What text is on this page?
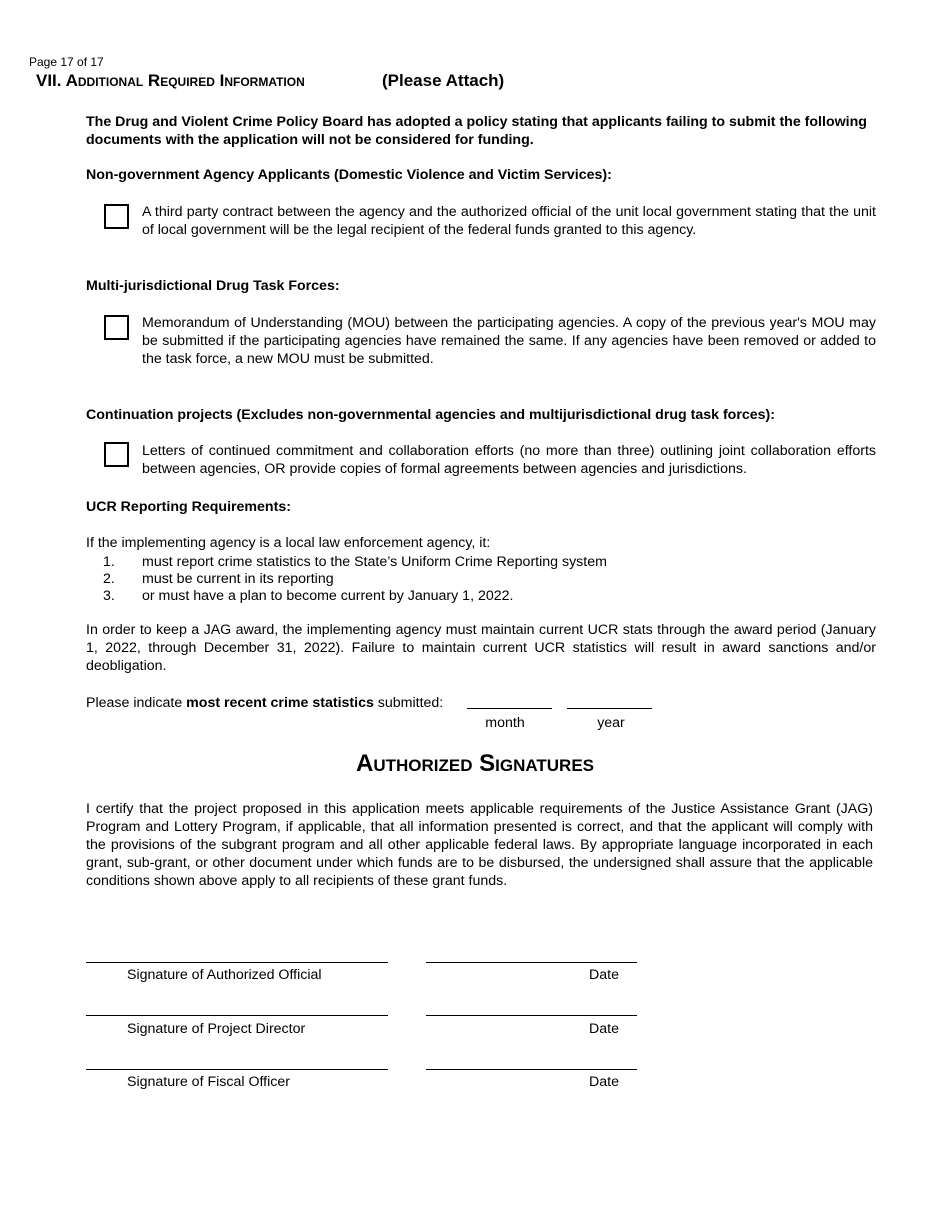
Page 17 of 17
VII. Additional Required Information	(Please Attach)
The Drug and Violent Crime Policy Board has adopted a policy stating that applicants failing to submit the following documents with the application will not be considered for funding.
Non-government Agency Applicants (Domestic Violence and Victim Services):
A third party contract between the agency and the authorized official of the unit local government stating that the unit of local government will be the legal recipient of the federal funds granted to this agency.
Multi-jurisdictional Drug Task Forces:
Memorandum of Understanding (MOU) between the participating agencies. A copy of the previous year's MOU may be submitted if the participating agencies have remained the same. If any agencies have been removed or added to the task force, a new MOU must be submitted.
Continuation projects (Excludes non-governmental agencies and multijurisdictional drug task forces):
Letters of continued commitment and collaboration efforts (no more than three) outlining joint collaboration efforts between agencies, OR provide copies of formal agreements between agencies and jurisdictions.
UCR Reporting Requirements:
If the implementing agency is a local law enforcement agency, it:
1.	must report crime statistics to the State’s Uniform Crime Reporting system
2.	must be current in its reporting
3.	or must have a plan to become current by January 1, 2022.
In order to keep a JAG award, the implementing agency must maintain current UCR stats through the award period (January 1, 2022, through December 31, 2022). Failure to maintain current UCR statistics will result in award sanctions and/or deobligation.
Please indicate most recent crime statistics submitted:
month	year
Authorized Signatures
I certify that the project proposed in this application meets applicable requirements of the Justice Assistance Grant (JAG) Program and Lottery Program, if applicable, that all information presented is correct, and that the applicant will comply with the provisions of the subgrant program and all other applicable federal laws. By appropriate language incorporated in each grant, sub-grant, or other document under which funds are to be disbursed, the undersigned shall assure that the applicable conditions shown above apply to all recipients of these grant funds.
Signature of Authorized Official	Date
Signature of Project Director	Date
Signature of Fiscal Officer	Date
